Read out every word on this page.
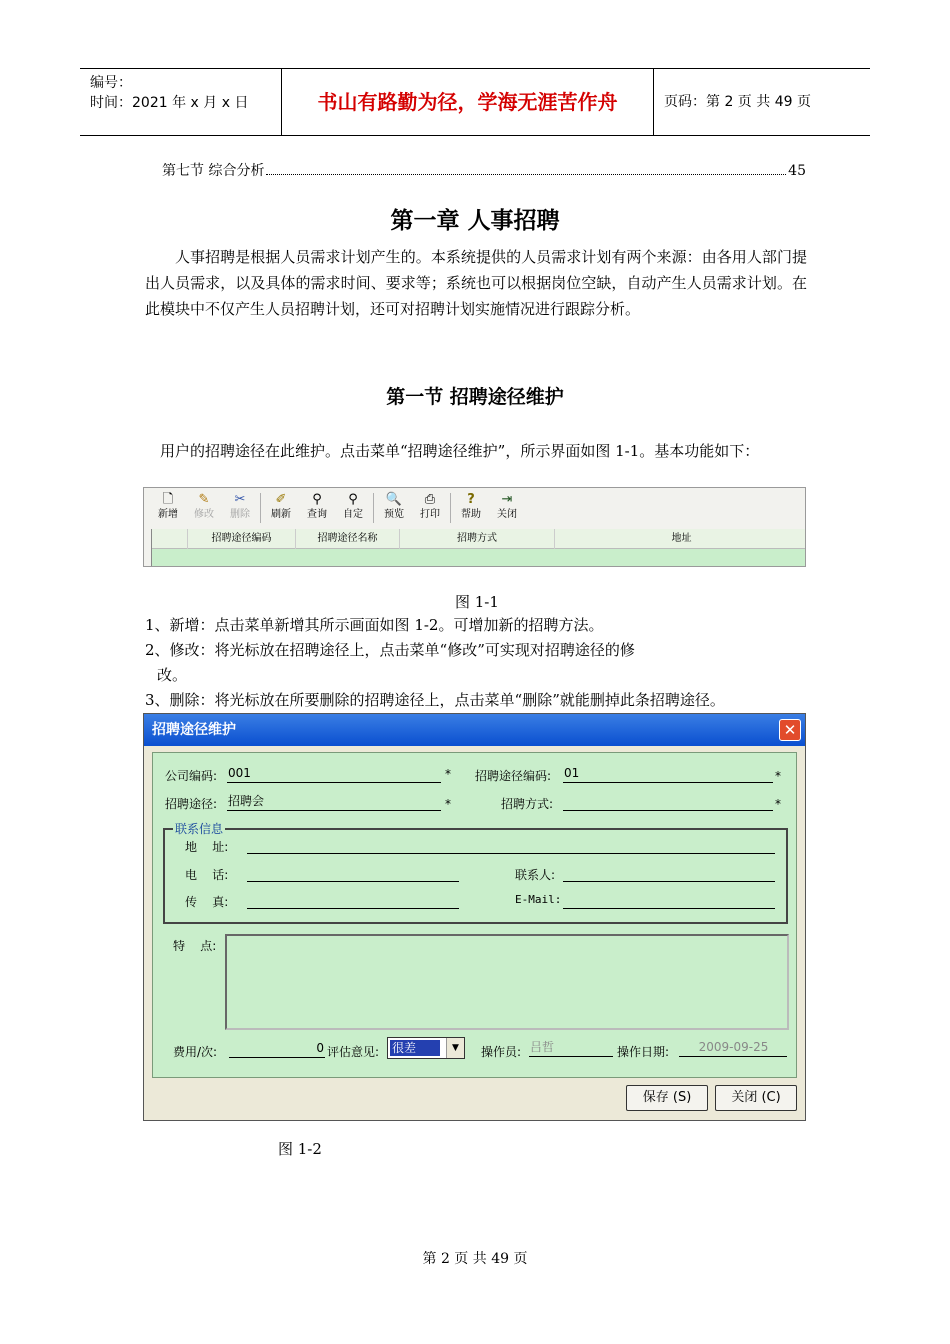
编号：
时间：2021 年 x 月 x 日	书山有路勤为径，学海无涯苦作舟	页码：第 2 页 共 49 页
第七节 综合分析	45
第一章 人事招聘
人事招聘是根据人员需求计划产生的。本系统提供的人员需求计划有两个来源：由各用人部门提出人员需求，以及具体的需求时间、要求等；系统也可以根据岗位空缺，自动产生人员需求计划。在此模块中不仅产生人员招聘计划，还可对招聘计划实施情况进行跟踪分析。
第一节 招聘途径维护
用户的招聘途径在此维护。点击菜单“招聘途径维护”，所示界面如图 1-1。基本功能如下：
🗋
新增
✎
修改
✂
删除
✐
刷新
⚲
查询
⚲
自定
🔍
预览
⎙
打印
?
帮助
⇥
关闭
招聘途径编码	招聘途径名称	招聘方式	地址
图 1-1
1、新增：点击菜单新增其所示画面如图 1-2。可增加新的招聘方法。
2、修改：将光标放在招聘途径上，点击菜单“修改”可实现对招聘途径的修
改。
3、删除：将光标放在所要删除的招聘途径上，点击菜单“删除”就能删掉此条招聘途径。
招聘途径维护	✕
公司编码: 001	* 招聘途径编码: 01	*
招聘途径: 招聘会	*	招聘方式:	*
联系信息
地    址:
电    话:	联系人:
传    真:	E-Mail:
特    点:
费用/次:	0 评估意见: 很差	▼	操作员: 吕哲	操作日期:	2009-09-25
保存 (S)	关闭 (C)
图 1-2
第 2 页 共 49 页
